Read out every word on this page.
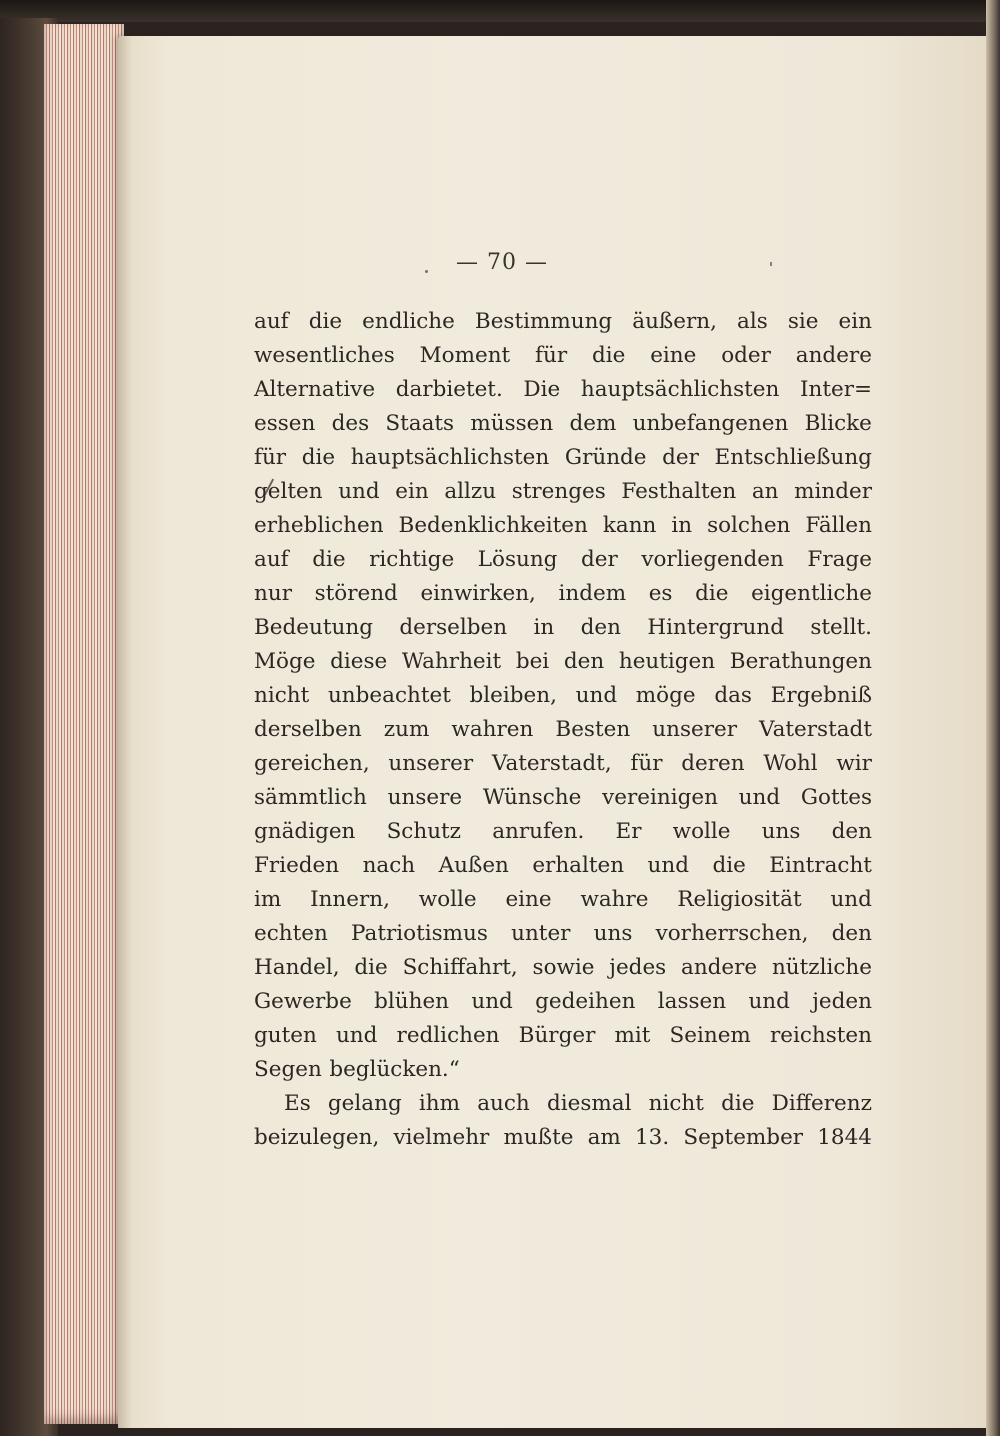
— 70 —
auf die endliche Bestimmung äußern, als sie ein
wesentliches Moment für die eine oder andere
Alternative darbietet. Die hauptsächlichsten Inter=
essen des Staats müssen dem unbefangenen Blicke
für die hauptsächlichsten Gründe der Entschließung
gelten und ein allzu strenges Festhalten an minder
erheblichen Bedenklichkeiten kann in solchen Fällen
auf die richtige Lösung der vorliegenden Frage
nur störend einwirken, indem es die eigentliche
Bedeutung derselben in den Hintergrund stellt.
Möge diese Wahrheit bei den heutigen Berathungen
nicht unbeachtet bleiben, und möge das Ergebniß
derselben zum wahren Besten unserer Vaterstadt
gereichen, unserer Vaterstadt, für deren Wohl wir
sämmtlich unsere Wünsche vereinigen und Gottes
gnädigen Schutz anrufen. Er wolle uns den
Frieden nach Außen erhalten und die Eintracht
im Innern, wolle eine wahre Religiosität und
echten Patriotismus unter uns vorherrschen, den
Handel, die Schiffahrt, sowie jedes andere nützliche
Gewerbe blühen und gedeihen lassen und jeden
guten und redlichen Bürger mit Seinem reichsten
Segen beglücken.“
Es gelang ihm auch diesmal nicht die Differenz
beizulegen, vielmehr mußte am 13. September 1844
